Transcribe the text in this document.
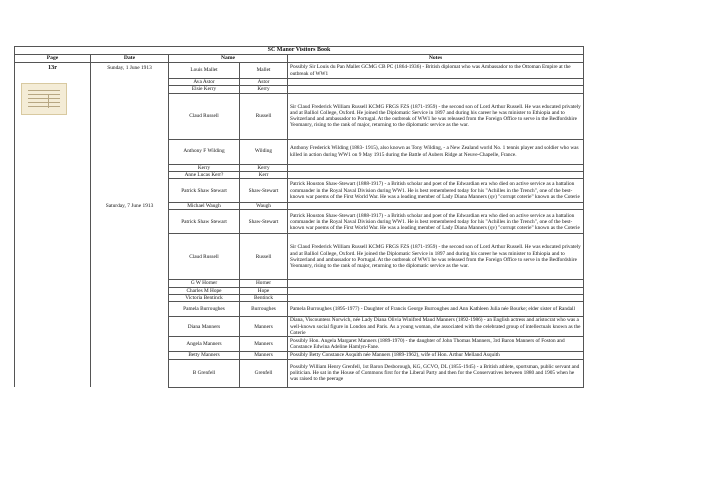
SC Manor Visitors Book				
Page	Date	Name		Notes

13r	Sunday, 1 June 1913	Louis Mallet	Mallet	Possibly Sir Louis du Pan Mallet GCMG CB PC (1864-1936) - British diplomat who was Ambassador to the Ottoman Empire at the outbreak of WW1
		Ava Astor	Astor	
		Elsie Kerry	Kerry	
		Claud Russell	Russell	Sir Claud Frederick William Russell KCMG FRGS FZS (1871-1959) - the second son of Lord Arthur Russell. He was educated privately and at Balliol College, Oxford. He joined the Diplomatic Service in 1897 and during his career he was minister to Ethiopia and to Switzerland and ambassador to Portugal. At the outbreak of WW1 he was released from the Foreign Office to serve in the Bedfordshire Yeomanry, rising to the rank of major, returning to the diplomatic service as the war.
		Anthony F Wilding	Wilding	Anthony Frederick Wilding (1883- 1915), also known as Tony Wilding, - a New Zealand world No. 1 tennis player and soldier who was killed in action during WW1 on 9 May 1915 during the Battle of Aubers Ridge at Neuve-Chapelle, France.
		Kerry	Kerry	
		Anne Lucas Kerr?	Kerr	
		Patrick Shaw Stewart	Shaw-Stewart	Patrick Houston Shaw-Stewart (1888-1917) - a British scholar and poet of the Edwardian era who died on active service as a battalion commander in the Royal Naval Division during WW1. He is best remembered today for his "Achilles in the Trench", one of the best-known war poems of the First World War. He was a leading member of Lady Diana Manners (qv) "corrupt coterie" known as the Coterie
	Saturday, 7 June 1913	Michael Waugh	Waugh	
		Patrick Shaw Stewart	Shaw-Stewart	Patrick Houston Shaw-Stewart (1888-1917) - a British scholar and poet of the Edwardian era who died on active service as a battalion commander in the Royal Naval Division during WW1. He is best remembered today for his "Achilles in the Trench", one of the best-known war poems of the First World War. He was a leading member of Lady Diana Manners (qv) "corrupt coterie" known as the Coterie
		Claud Russell	Russell	Sir Claud Frederick William Russell KCMG FRGS FZS (1871-1959) - the second son of Lord Arthur Russell. He was educated privately and at Balliol College, Oxford. He joined the Diplomatic Service in 1897 and during his career he was minister to Ethiopia and to Switzerland and ambassador to Portugal. At the outbreak of WW1 he was released from the Foreign Office to serve in the Bedfordshire Yeomanry, rising to the rank of major, returning to the diplomatic service as the war.
		G W Horner	Horner	
		Charles M Hope	Hope	
		Victoria Bentinck	Bentinck	
		Pamela Burroughes	Burroughes	Pamela Burroughes (1895-1977) - Daughter of Francis George Burroughes and Ann Kathleen Julia née Bourke; elder sister of Randall
		Diana Manners	Manners	Diana, Viscountess Norwich, née Lady Diana Olivia Winifred Maud Manners (1892-1986) - an English actress and aristocrat who was a well-known social figure in London and Paris. As a young woman, she associated with the celebrated group of intellectuals known as the Coterie
		Angela Manners	Manners	Possibly Hon. Angela Margaret Manners (1889-1970) - the daughter of John Thomas Manners, 3rd Baron Manners of Foston and Constance Edwina Adeline Hamlyn-Fane.
		Betty Manners	Manners	Possibly Betty Constance Asquith née Manners (1889-1962), wife of Hon. Arthur Melland Asquith
		B Grenfell	Grenfell	Possibly William Henry Grenfell, 1st Baron Desborough, KG, GCVO, DL (1855-1945) - a British athlete, sportsman, public servant and politician. He sat in the House of Commons first for the Liberal Party and then for the Conservatives between 1880 and 1905 when he was raised to the peerage
